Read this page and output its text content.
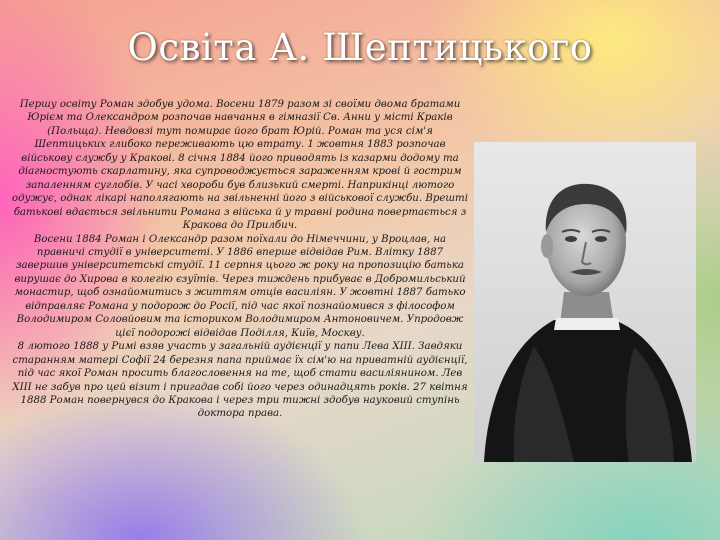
Освіта А. Шептицького

Першу освіту Роман здобув удома. Восени 1879 разом зі своїми двома братами Юрієм та Олександром розпочав навчання в гімназії Св. Анни у місті Краків (Польща). Невдовзі тут помирає його брат Юрій. Роман та уся сім'я Шептицьких глибоко переживають цю втрату. 1 жовтня 1883 розпочав військову службу у Кракові. 8 січня 1884 його приводять із казарми додому та діагностують скарлатину, яка супроводжується зараженням крові й гострим запаленням суглобів. У часі хвороби був близький смерті. Наприкінці лютого одужує, однак лікарі наполягають на звільненні його з військової служби. Врешті батькові вдається звільнити Романа з війська й у травні родина повертається з Кракова до Прилбич.

Восени 1884 Роман і Олександр разом поїхали до Німеччини, у Вроцлав, на правничі студії в університеті. У 1886 вперше відвідав Рим. Влітку 1887 завершив університетські студії. 11 серпня цього ж року на пропозицію батька вирушає до Хирова в колегію єзуїтів. Через тиждень прибуває в Добромильський монастир, щоб ознайомитись з життям отців василіян. У жовтні 1887 батько відправляє Романа у подорож до Росії, під час якої познайомився з філософом Володимиром Соловйовим та істориком Володимиром Антоновичем. Упродовж цієї подорожі відвідав Поділля, Київ, Москву.

8 лютого 1888 у Римі взяв участь у загальній аудієнції у папи Лева XIII. Завдяки старанням матері Софії 24 березня папа приймає їх сім'ю на приватній аудієнції, під час якої Роман просить благословення на те, щоб стати василіянином. Лев XIII не забув про цей візит і пригадав собі його через одинадцять років. 27 квітня 1888 Роман повернувся до Кракова і через три тижні здобув науковий ступінь доктора права.
